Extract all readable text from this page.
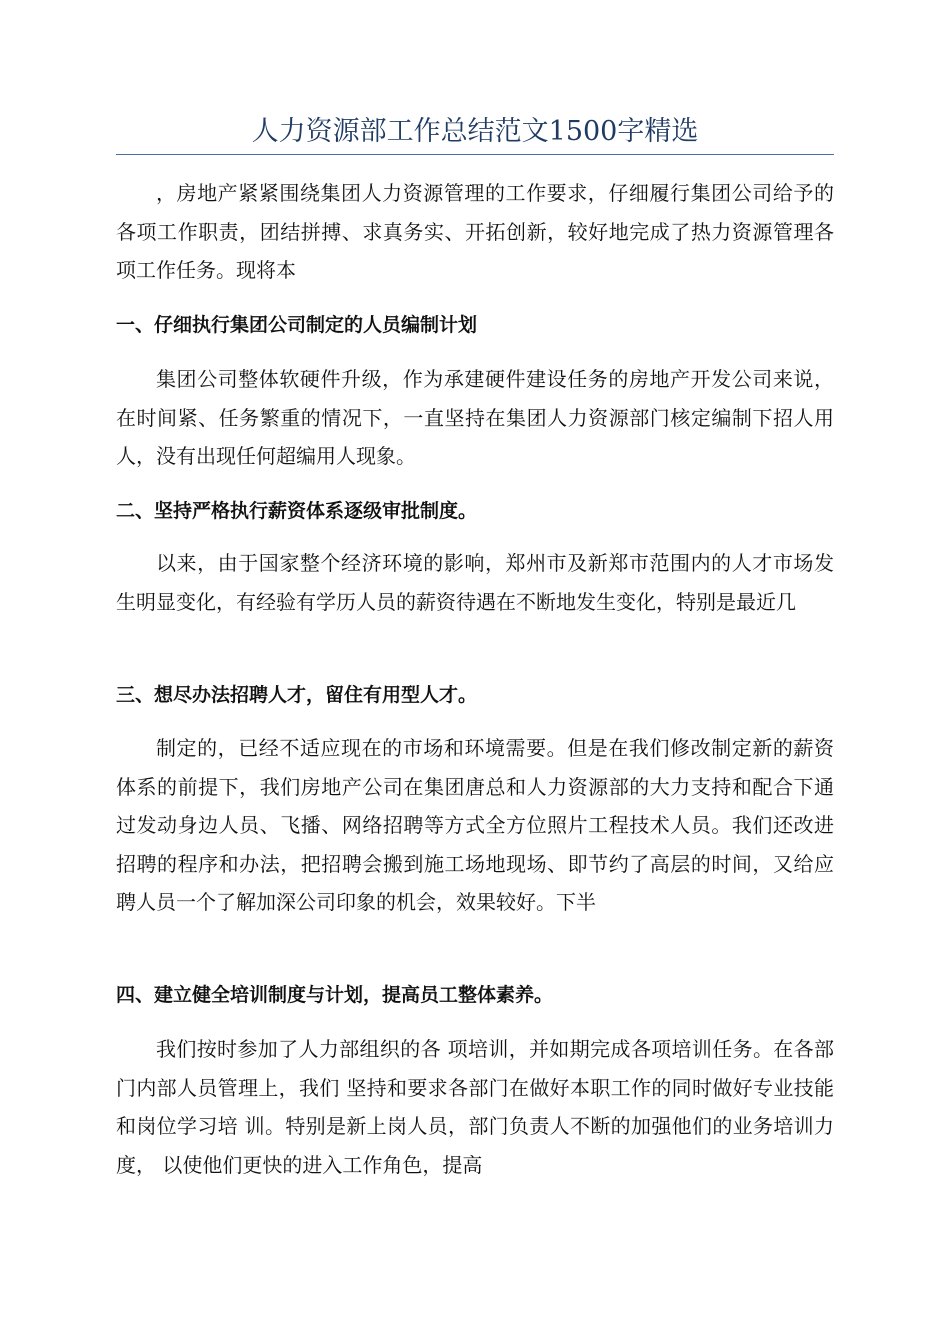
人力资源部工作总结范文1500字精选

，房地产紧紧围绕集团人力资源管理的工作要求，仔细履行集团公司给予的各项工作职责，团结拼搏、求真务实、开拓创新，较好地完成了热力资源管理各项工作任务。现将本

一、仔细执行集团公司制定的人员编制计划

集团公司整体软硬件升级，作为承建硬件建设任务的房地产开发公司来说，在时间紧、任务繁重的情况下，一直坚持在集团人力资源部门核定编制下招人用人，没有出现任何超编用人现象。

二、坚持严格执行薪资体系逐级审批制度。

以来，由于国家整个经济环境的影响，郑州市及新郑市范围内的人才市场发生明显变化，有经验有学历人员的薪资待遇在不断地发生变化，特别是最近几

三、想尽办法招聘人才，留住有用型人才。

制定的，已经不适应现在的市场和环境需要。但是在我们修改制定新的薪资体系的前提下，我们房地产公司在集团唐总和人力资源部的大力支持和配合下通过发动身边人员、飞播、网络招聘等方式全方位照片工程技术人员。我们还改进招聘的程序和办法，把招聘会搬到施工场地现场、即节约了高层的时间，又给应聘人员一个了解加深公司印象的机会，效果较好。下半

四、建立健全培训制度与计划，提高员工整体素养。

我们按时参加了人力部组织的各 项培训，并如期完成各项培训任务。在各部门内部人员管理上，我们 坚持和要求各部门在做好本职工作的同时做好专业技能和岗位学习培 训。特别是新上岗人员，部门负责人不断的加强他们的业务培训力度， 以使他们更快的进入工作角色，提高
